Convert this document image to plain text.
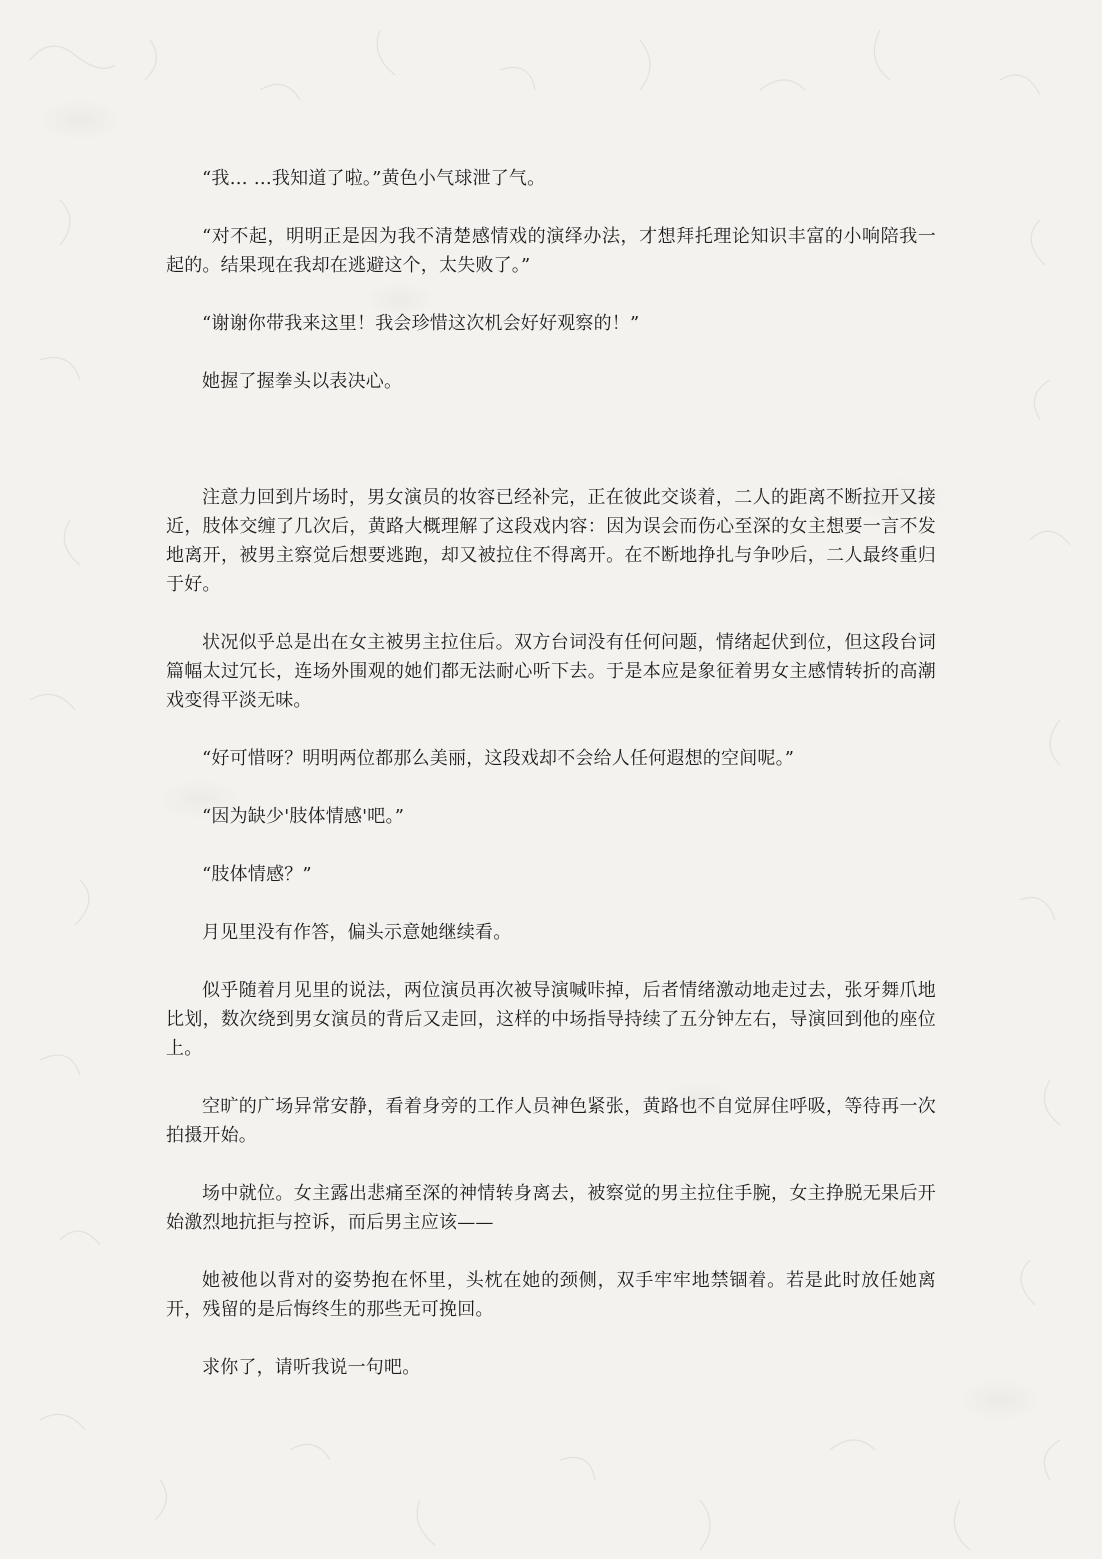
“我… …我知道了啦。”黄色小气球泄了气。

“对不起，明明正是因为我不清楚感情戏的演绎办法，才想拜托理论知识丰富的小响陪我一起的。结果现在我却在逃避这个，太失败了。”

“谢谢你带我来这里！我会珍惜这次机会好好观察的！”

她握了握拳头以表决心。

注意力回到片场时，男女演员的妆容已经补完，正在彼此交谈着，二人的距离不断拉开又接近，肢体交缠了几次后，黄路大概理解了这段戏内容：因为误会而伤心至深的女主想要一言不发地离开，被男主察觉后想要逃跑，却又被拉住不得离开。在不断地挣扎与争吵后，二人最终重归于好。

状况似乎总是出在女主被男主拉住后。双方台词没有任何问题，情绪起伏到位，但这段台词篇幅太过冗长，连场外围观的她们都无法耐心听下去。于是本应是象征着男女主感情转折的高潮戏变得平淡无味。

“好可惜呀？明明两位都那么美丽，这段戏却不会给人任何遐想的空间呢。”

“因为缺少'肢体情感'吧。”

“肢体情感？”

月见里没有作答，偏头示意她继续看。

似乎随着月见里的说法，两位演员再次被导演喊咔掉，后者情绪激动地走过去，张牙舞爪地比划，数次绕到男女演员的背后又走回，这样的中场指导持续了五分钟左右，导演回到他的座位上。

空旷的广场异常安静，看着身旁的工作人员神色紧张，黄路也不自觉屏住呼吸，等待再一次拍摄开始。

场中就位。女主露出悲痛至深的神情转身离去，被察觉的男主拉住手腕，女主挣脱无果后开始激烈地抗拒与控诉，而后男主应该——

她被他以背对的姿势抱在怀里，头枕在她的颈侧，双手牢牢地禁锢着。若是此时放任她离开，残留的是后悔终生的那些无可挽回。

求你了，请听我说一句吧。
